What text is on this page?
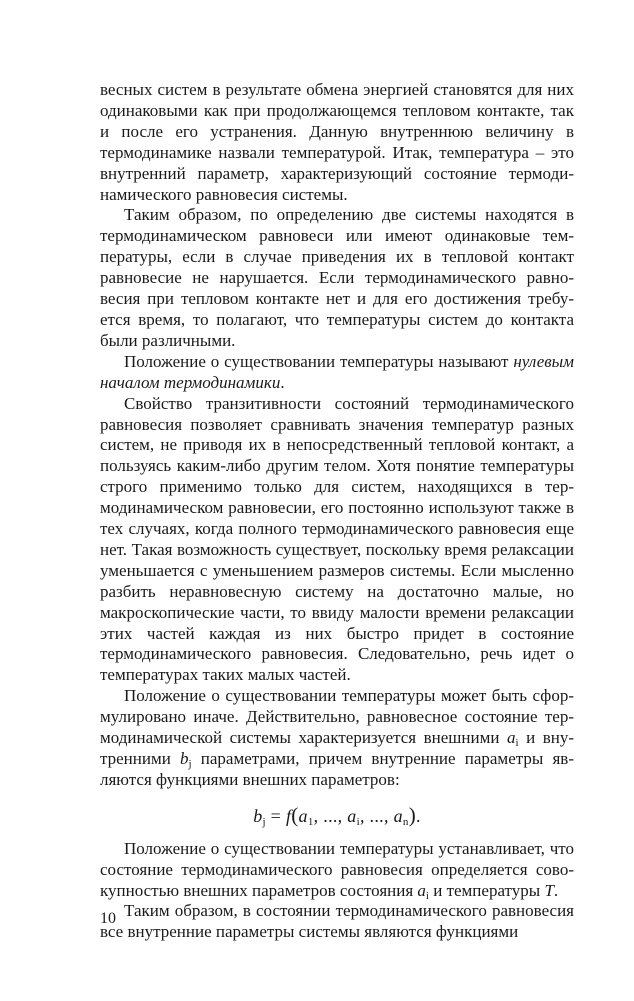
весных систем в результате обмена энергией становятся для них одинаковыми как при продолжающемся тепловом контакте, так и после его устранения. Данную внутреннюю величину в термодинамике назвали температурой. Итак, температура – это внутренний параметр, характеризующий состояние термодинамического равновесия системы.

Таким образом, по определению две системы находятся в термодинамическом равновеси или имеют одинаковые температуры, если в случае приведения их в тепловой контакт равновесие не нарушается. Если термодинамического равновесия при тепловом контакте нет и для его достижения требуется время, то полагают, что температуры систем до контакта были различными.

Положение о существовании температуры называют нулевым началом термодинамики.

Свойство транзитивности состояний термодинамического равновесия позволяет сравнивать значения температур разных систем, не приводя их в непосредственный тепловой контакт, а пользуясь каким-либо другим телом. Хотя понятие температуры строго применимо только для систем, находящихся в термодинамическом равновесии, его постоянно используют также в тех случаях, когда полного термодинамического равновесия еще нет. Такая возможность существует, поскольку время релаксации уменьшается с уменьшением размеров системы. Если мысленно разбить неравновесную систему на достаточно малые, но макроскопические части, то ввиду малости времени релаксации этих частей каждая из них быстро придет в состояние термодинамического равновесия. Следовательно, речь идет о температурах таких малых частей.

Положение о существовании температуры может быть сформулировано иначе. Действительно, равновесное состояние термодинамической системы характеризуется внешними $a_i$ и внутренними $b_j$ параметрами, причем внутренние параметры являются функциями внешних параметров:

$b_j = f(a_1$, ..., $a_i$, ..., $a_n$).

Положение о существовании температуры устанавливает, что состояние термодинамического равновесия определяется совокупностью внешних параметров состояния $a_i$ и температуры T.

Таким образом, в состоянии термодинамического равновесия все внутренние параметры системы являются функциями

10
